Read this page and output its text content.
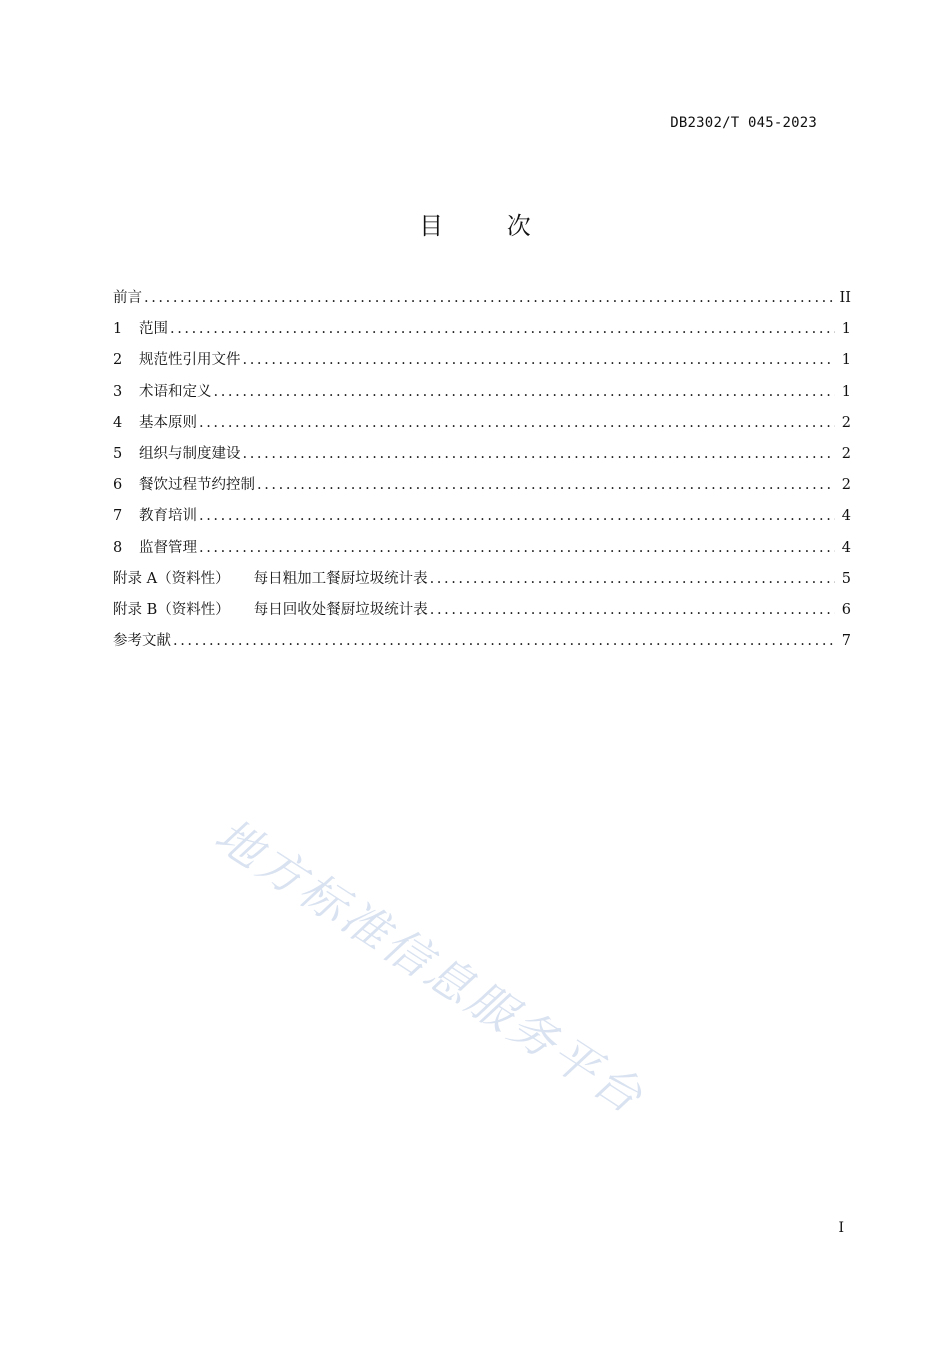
DB2302/T 045-2023
目 次
前言 .....	II
1	范围 .....	1
2	规范性引用文件 .....	1
3	术语和定义 .....	1
4	基本原则 .....	2
5	组织与制度建设 .....	2
6	餐饮过程节约控制 .....	2
7	教育培训 .....	4
8	监督管理 .....	4
附录 A（资料性） 每日粗加工餐厨垃圾统计表 .....	5
附录 B（资料性） 每日回收处餐厨垃圾统计表 .....	6
参考文献 .....	7
地方标准信息服务平台
I
